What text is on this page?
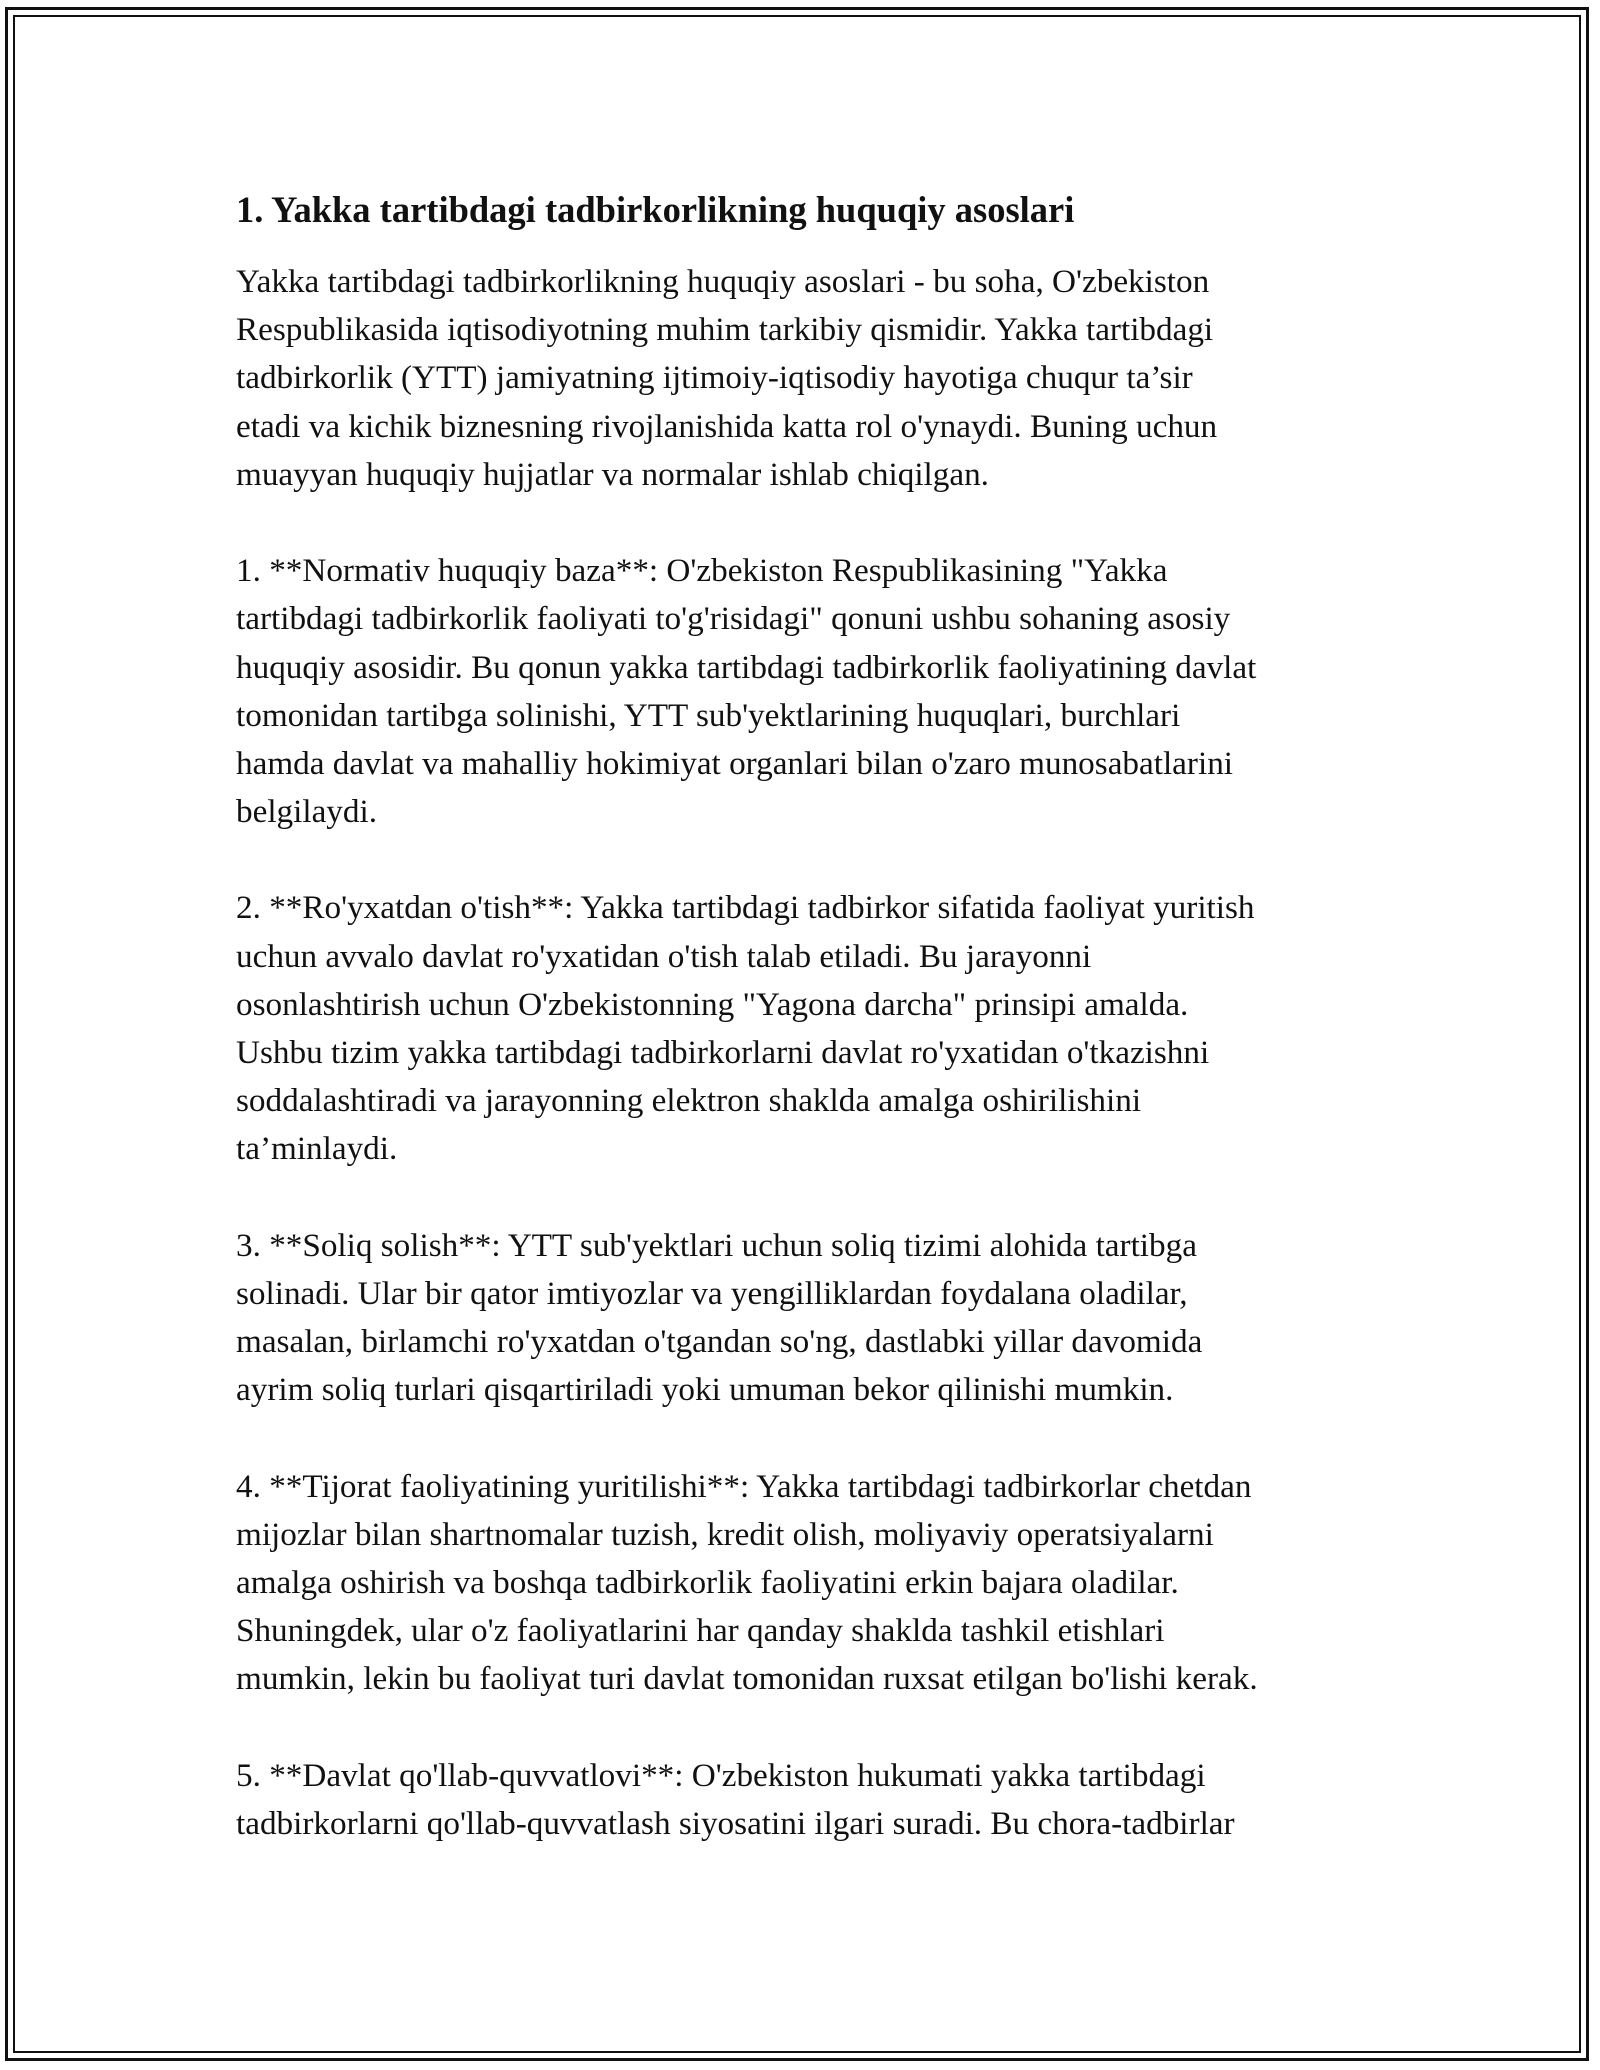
1. Yakka tartibdagi tadbirkorlikning huquqiy asoslari

Yakka tartibdagi tadbirkorlikning huquqiy asoslari - bu soha, O'zbekiston
Respublikasida iqtisodiyotning muhim tarkibiy qismidir. Yakka tartibdagi
tadbirkorlik (YTT) jamiyatning ijtimoiy-iqtisodiy hayotiga chuqur ta’sir
etadi va kichik biznesning rivojlanishida katta rol o'ynaydi. Buning uchun
muayyan huquqiy hujjatlar va normalar ishlab chiqilgan.

1. **Normativ huquqiy baza**: O'zbekiston Respublikasining "Yakka
tartibdagi tadbirkorlik faoliyati to'g'risidagi" qonuni ushbu sohaning asosiy
huquqiy asosidir. Bu qonun yakka tartibdagi tadbirkorlik faoliyatining davlat
tomonidan tartibga solinishi, YTT sub'yektlarining huquqlari, burchlari
hamda davlat va mahalliy hokimiyat organlari bilan o'zaro munosabatlarini
belgilaydi.

2. **Ro'yxatdan o'tish**: Yakka tartibdagi tadbirkor sifatida faoliyat yuritish
uchun avvalo davlat ro'yxatidan o'tish talab etiladi. Bu jarayonni
osonlashtirish uchun O'zbekistonning "Yagona darcha" prinsipi amalda.
Ushbu tizim yakka tartibdagi tadbirkorlarni davlat ro'yxatidan o'tkazishni
soddalashtiradi va jarayonning elektron shaklda amalga oshirilishini
ta’minlaydi.

3. **Soliq solish**: YTT sub'yektlari uchun soliq tizimi alohida tartibga
solinadi. Ular bir qator imtiyozlar va yengilliklardan foydalana oladilar,
masalan, birlamchi ro'yxatdan o'tgandan so'ng, dastlabki yillar davomida
ayrim soliq turlari qisqartiriladi yoki umuman bekor qilinishi mumkin.

4. **Tijorat faoliyatining yuritilishi**: Yakka tartibdagi tadbirkorlar chetdan
mijozlar bilan shartnomalar tuzish, kredit olish, moliyaviy operatsiyalarni
amalga oshirish va boshqa tadbirkorlik faoliyatini erkin bajara oladilar.
Shuningdek, ular o'z faoliyatlarini har qanday shaklda tashkil etishlari
mumkin, lekin bu faoliyat turi davlat tomonidan ruxsat etilgan bo'lishi kerak.

5. **Davlat qo'llab-quvvatlovi**: O'zbekiston hukumati yakka tartibdagi
tadbirkorlarni qo'llab-quvvatlash siyosatini ilgari suradi. Bu chora-tadbirlar
